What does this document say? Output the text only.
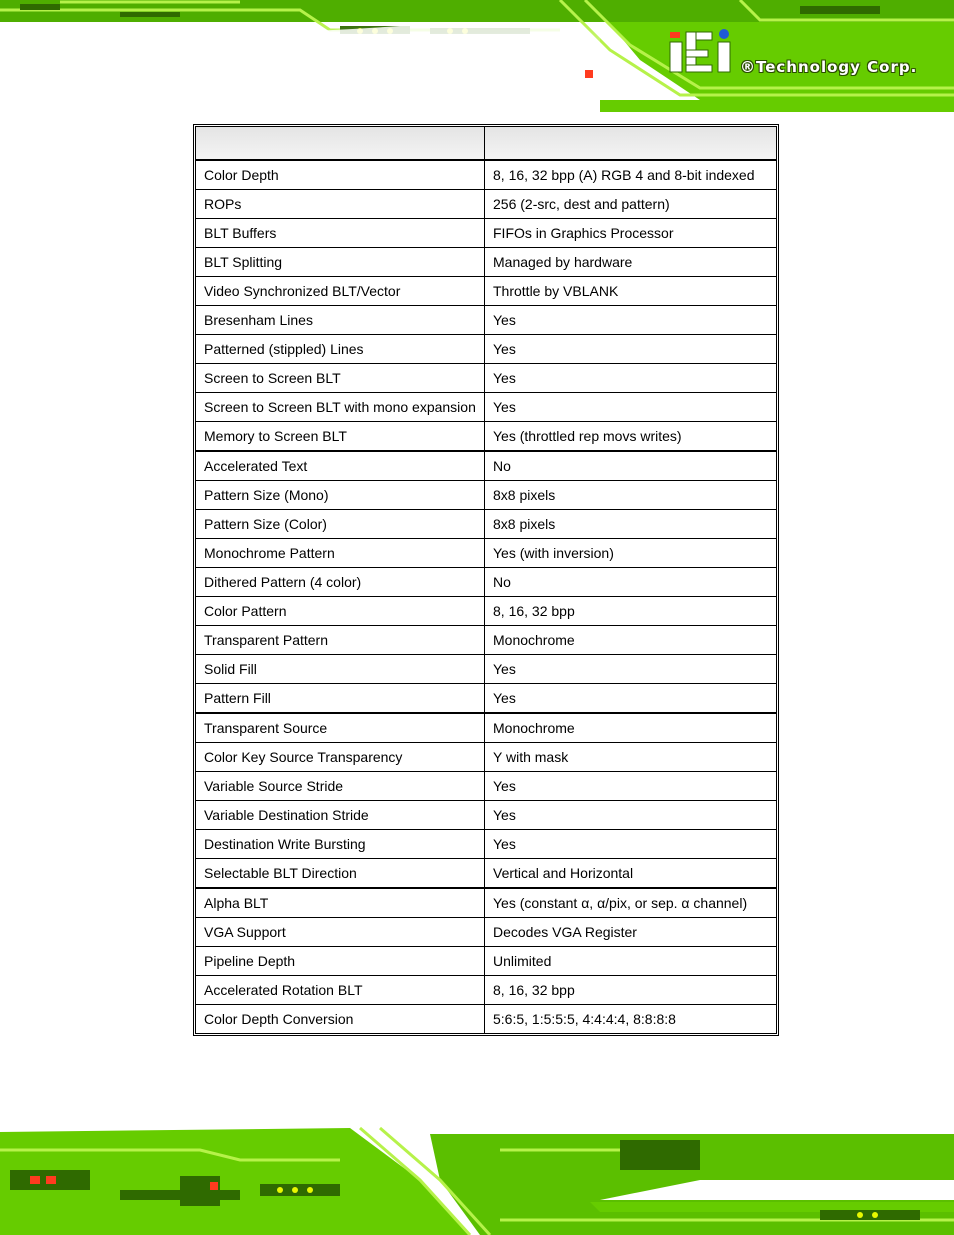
®Technology Corp.

Color Depth	8, 16, 32 bpp (A) RGB 4 and 8-bit indexed
ROPs	256 (2-src, dest and pattern)
BLT Buffers	FIFOs in Graphics Processor
BLT Splitting	Managed by hardware
Video Synchronized BLT/Vector	Throttle by VBLANK
Bresenham Lines	Yes
Patterned (stippled) Lines	Yes
Screen to Screen BLT	Yes
Screen to Screen BLT with mono expansion	Yes
Memory to Screen BLT	Yes (throttled rep movs writes)
Accelerated Text	No
Pattern Size (Mono)	8x8 pixels
Pattern Size (Color)	8x8 pixels
Monochrome Pattern	Yes (with inversion)
Dithered Pattern (4 color)	No
Color Pattern	8, 16, 32 bpp
Transparent Pattern	Monochrome
Solid Fill	Yes
Pattern Fill	Yes
Transparent Source	Monochrome
Color Key Source Transparency	Y with mask
Variable Source Stride	Yes
Variable Destination Stride	Yes
Destination Write Bursting	Yes
Selectable BLT Direction	Vertical and Horizontal
Alpha BLT	Yes (constant α, α/pix, or sep. α channel)
VGA Support	Decodes VGA Register
Pipeline Depth	Unlimited
Accelerated Rotation BLT	8, 16, 32 bpp
Color Depth Conversion	5:6:5, 1:5:5:5, 4:4:4:4, 8:8:8:8
